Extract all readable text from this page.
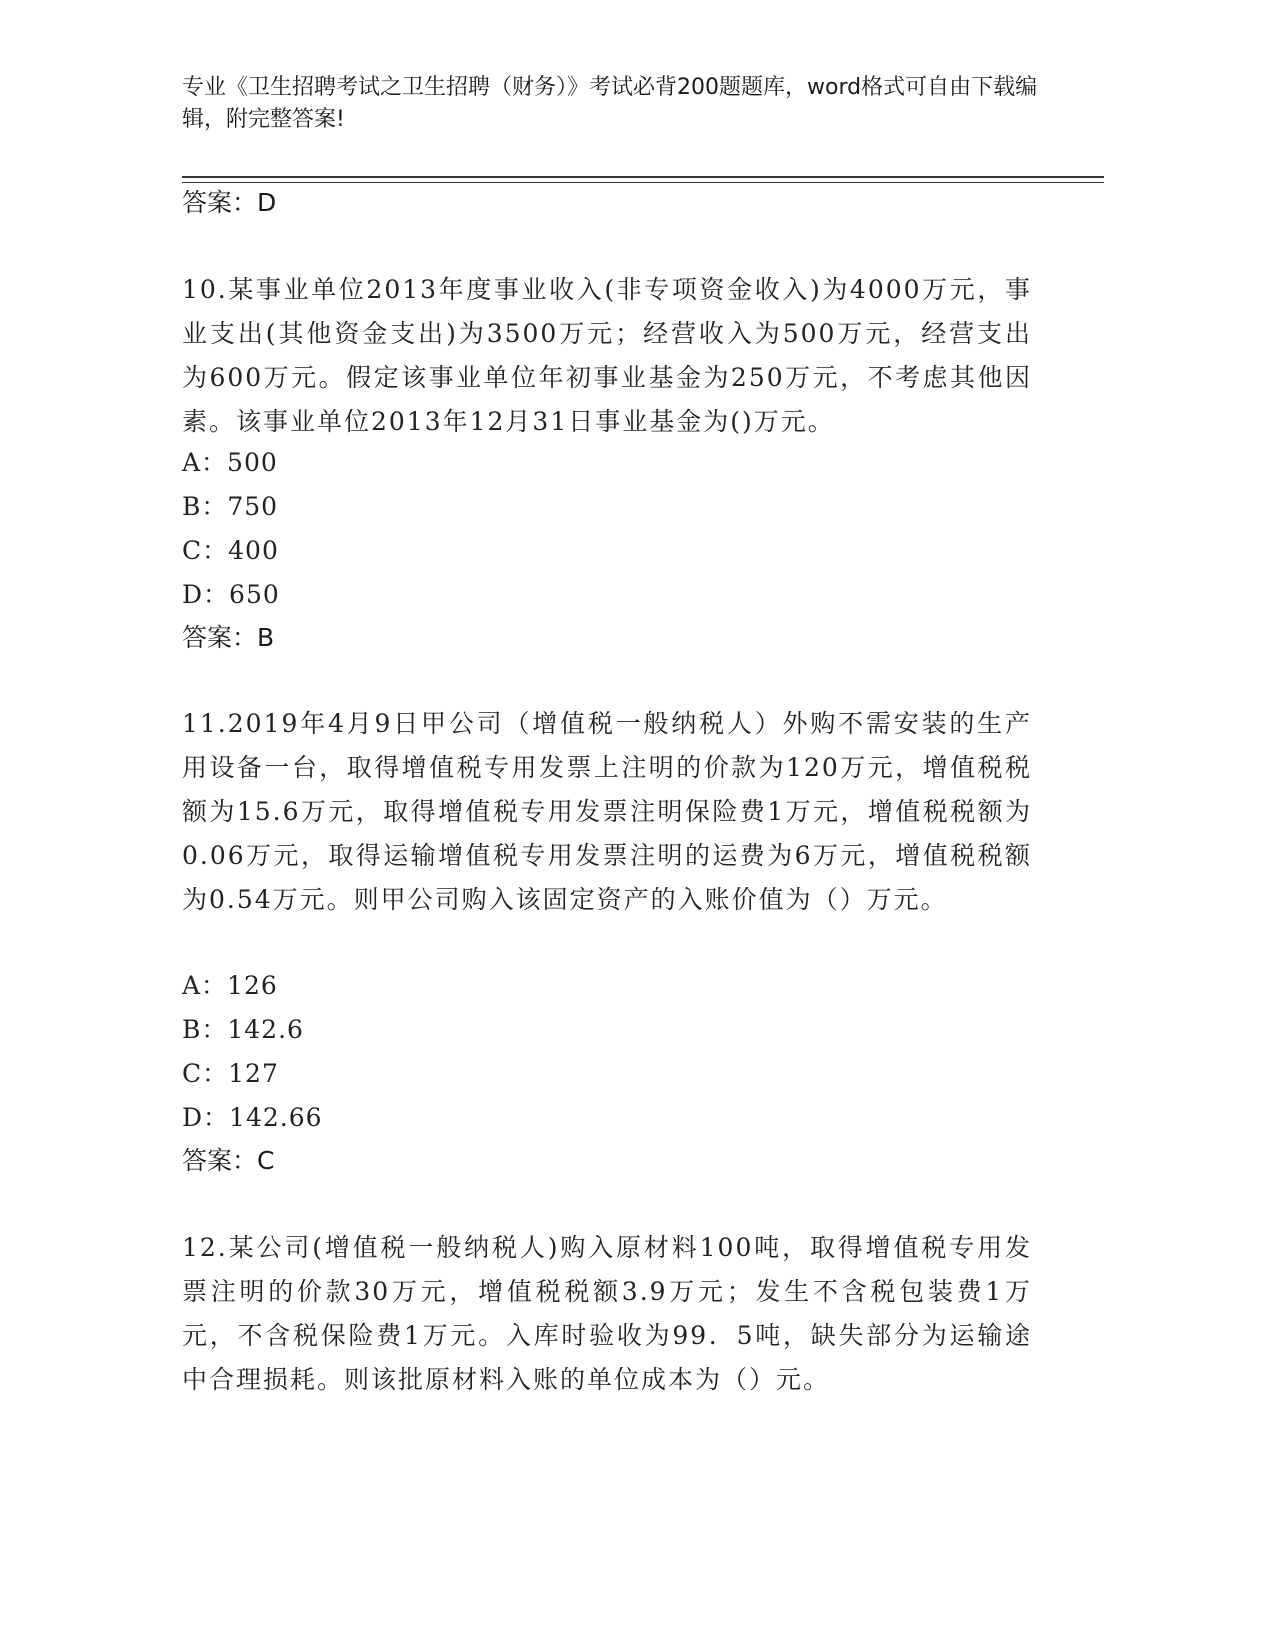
专业《卫生招聘考试之卫生招聘（财务）》考试必背200题题库，word格式可自由下载编辑，附完整答案!
答案：D
10.某事业单位2013年度事业收入(非专项资金收入)为4000万元，事业支出(其他资金支出)为3500万元；经营收入为500万元，经营支出为600万元。假定该事业单位年初事业基金为250万元，不考虑其他因素。该事业单位2013年12月31日事业基金为()万元。
A：500
B：750
C：400
D：650
答案：B
11.2019年4月9日甲公司（增值税一般纳税人）外购不需安装的生产用设备一台，取得增值税专用发票上注明的价款为120万元，增值税税额为15.6万元，取得增值税专用发票注明保险费1万元，增值税税额为0.06万元，取得运输增值税专用发票注明的运费为6万元，增值税税额为0.54万元。则甲公司购入该固定资产的入账价值为（）万元。
A：126
B：142.6
C：127
D：142.66
答案：C
12.某公司(增值税一般纳税人)购入原材料100吨，取得增值税专用发票注明的价款30万元，增值税税额3.9万元；发生不含税包装费1万元，不含税保险费1万元。入库时验收为99．5吨，缺失部分为运输途中合理损耗。则该批原材料入账的单位成本为（）元。
